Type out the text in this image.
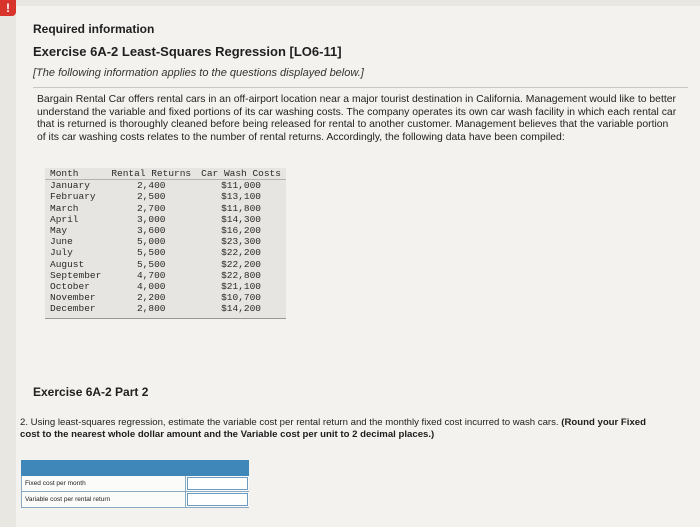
!
Required information
Exercise 6A-2 Least-Squares Regression [LO6-11]
[The following information applies to the questions displayed below.]
Bargain Rental Car offers rental cars in an off-airport location near a major tourist destination in California. Management would like to better understand the variable and fixed portions of its car washing costs. The company operates its own car wash facility in which each rental car that is returned is thoroughly cleaned before being released for rental to another customer. Management believes that the variable portion of its car washing costs relates to the number of rental returns. Accordingly, the following data have been compiled:
Month	Rental Returns	Car Wash Costs
January	2,400	$11,000
February	2,500	$13,100
March	2,700	$11,800
April	3,000	$14,300
May	3,600	$16,200
June	5,000	$23,300
July	5,500	$22,200
August	5,500	$22,200
September	4,700	$22,800
October	4,000	$21,100
November	2,200	$10,700
December	2,800	$14,200
Exercise 6A-2 Part 2
2. Using least-squares regression, estimate the variable cost per rental return and the monthly fixed cost incurred to wash cars. (Round your Fixed cost to the nearest whole dollar amount and the Variable cost per unit to 2 decimal places.)
Fixed cost per month
Variable cost per rental return
